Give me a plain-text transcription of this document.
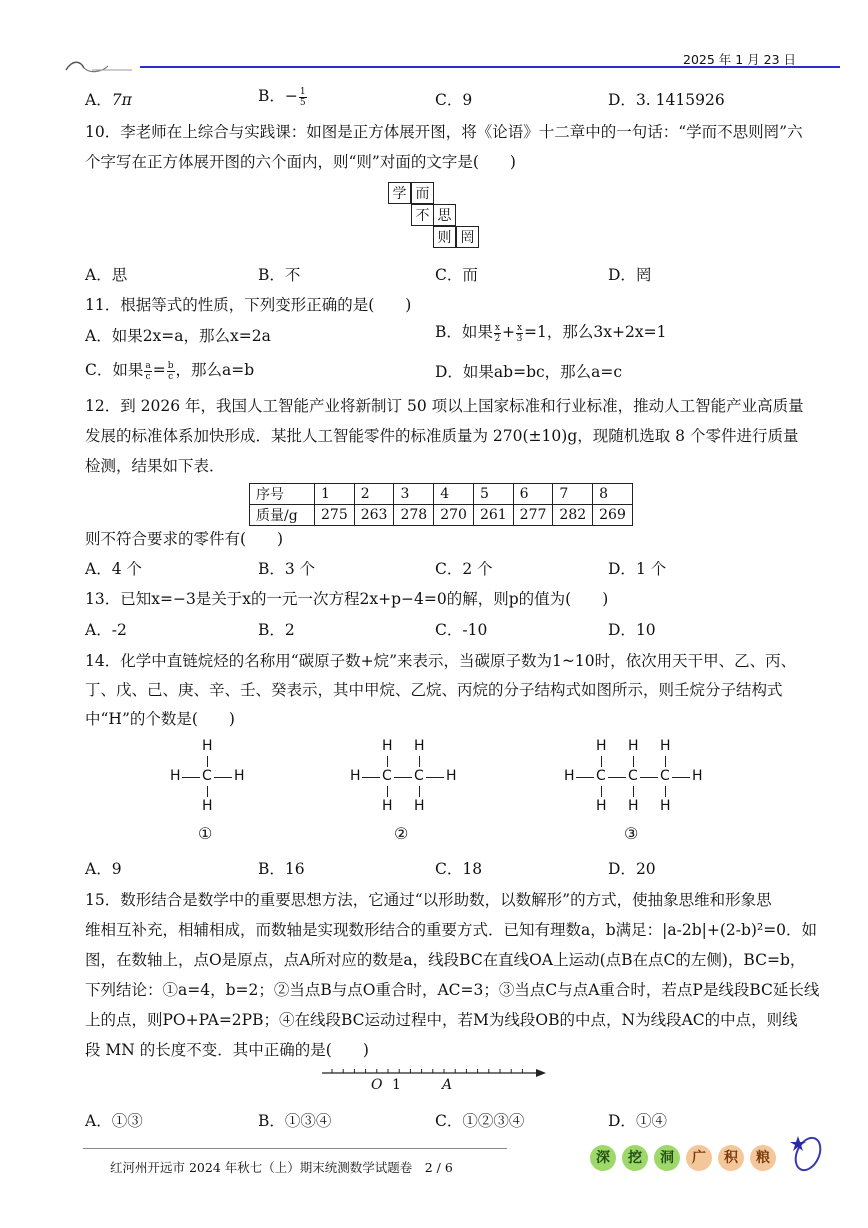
2025 年 1 月 23 日
A．7π	B．− $\frac{1}{5}$	C．9	D．3. 1415926
10．李老师在上综合与实践课：如图是正方体展开图，将《论语》十二章中的一句话：“学而不思则罔”六
个字写在正方体展开图的六个面内，则“则”对面的文字是(　　)
学 而
不 思
则 罔
A．思	B．不	C．而	D．罔
11．根据等式的性质，下列变形正确的是(　　)
A．如果2x=a，那么x=2a	B．如果 $\frac{x}{2} + \frac{x}{3} =1$，那么3x+2x=1
C．如果 $\frac{a}{c} = \frac{b}{c}$ ，那么a=b	D．如果ab=bc，那么a=c
12．到 2026 年，我国人工智能产业将新制订 50 项以上国家标准和行业标准，推动人工智能产业高质量
发展的标准体系加快形成．某批人工智能零件的标准质量为 270(±10)g，现随机选取 8 个零件进行质量
检测，结果如下表．
序号	1	2	3	4	5	6	7	8
质量/g	275	263	278	270	261	277	282	269
则不符合要求的零件有(　　)
A．4 个	B．3 个	C．2 个	D．1 个
13．已知x=−3是关于x的一元一次方程2x+p−4=0的解，则p的值为(　　)
A．-2	B．2	C．-10	D．10
14．化学中直链烷烃的名称用“碳原子数+烷”来表示，当碳原子数为1~10时，依次用天干甲、乙、丙、
丁、戊、己、庚、辛、壬、癸表示，其中甲烷、乙烷、丙烷的分子结构式如图所示，则壬烷分子结构式
中“H”的个数是(　　)
H C
H
H
H	H C
H
H
C
H
H
H	H C
H
H
C
H
H
C
H
H
H
①	②	③
A．9	B．16	C．18	D．20
15．数形结合是数学中的重要思想方法，它通过“以形助数，以数解形”的方式，使抽象思维和形象思
维相互补充，相辅相成，而数轴是实现数形结合的重要方式．已知有理数a，b满足：|a-2b|+(2-b)²=0．如
图，在数轴上，点O是原点，点A所对应的数是a，线段BC在直线OA上运动(点B在点C的左侧)，BC=b，
下列结论：①a=4，b=2；②当点B与点O重合时，AC=3；③当点C与点A重合时，若点P是线段BC延长线
上的点，则PO+PA=2PB；④在线段BC运动过程中，若M为线段OB的中点，N为线段AC的中点，则线
段 MN 的长度不变．其中正确的是(　　)
O 1	A
A．①③	B．①③④	C．①②③④	D．①④
红河州开远市 2024 年秋七（上）期末统测数学试题卷　2 / 6
深	挖	洞	广	积	粮
